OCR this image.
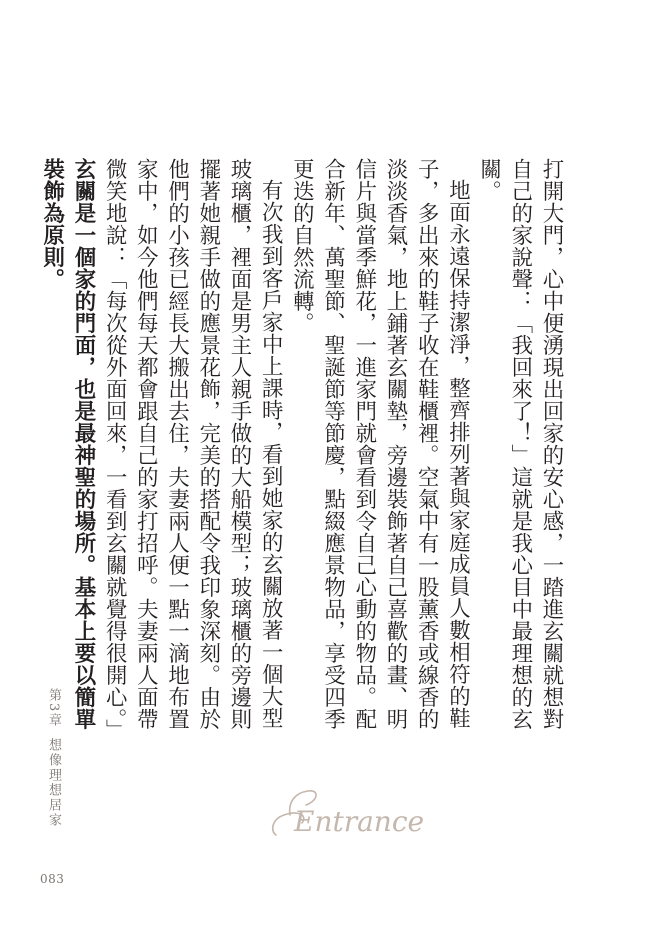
打開大門，心中便湧現出回家的安心感，一踏進玄關就想對自己的家說聲：「我回來了！」這就是我心目中最理想的玄關。

地面永遠保持潔淨，整齊排列著與家庭成員人數相符的鞋子，多出來的鞋子收在鞋櫃裡。空氣中有一股薰香或線香的淡淡香氣，地上鋪著玄關墊，旁邊裝飾著自己喜歡的畫、明信片與當季鮮花，一進家門就會看到令自己心動的物品。配合新年、萬聖節、聖誕節等節慶，點綴應景物品，享受四季更迭的自然流轉。

有次我到客戶家中上課時，看到她家的玄關放著一個大型玻璃櫃，裡面是男主人親手做的大船模型；玻璃櫃的旁邊則擺著她親手做的應景花飾，完美的搭配令我印象深刻。由於他們的小孩已經長大搬出去住，夫妻兩人便一點一滴地布置家中，如今他們每天都會跟自己的家打招呼。夫妻兩人面帶微笑地說：「每次從外面回來，一看到玄關就覺得很開心。」

玄關是一個家的門面，也是最神聖的場所。基本上要以簡單裝飾為原則。

第3章想像理想居家
083
Entrance
